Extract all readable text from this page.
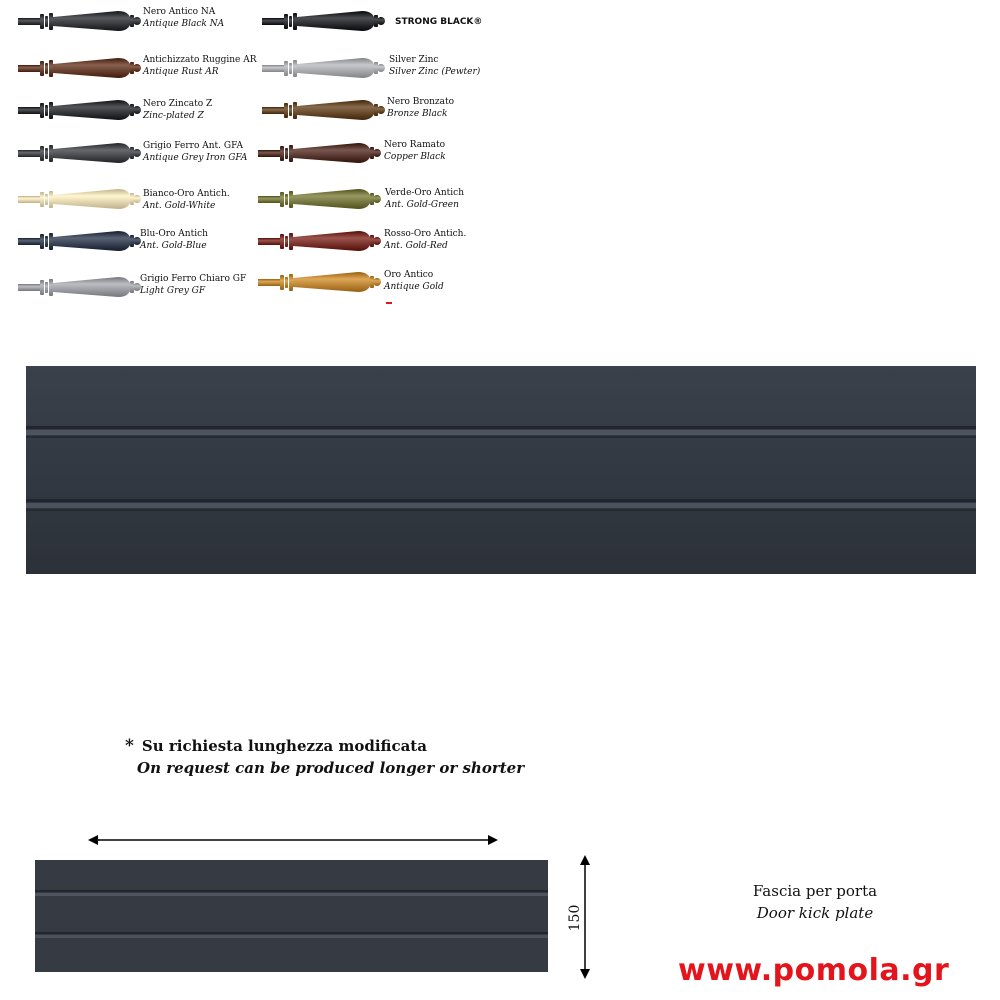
Nero Antico NA
Antique Black NA
Antichizzato Ruggine AR
Antique Rust AR
Nero Zincato Z
Zinc-plated Z
Grigio Ferro Ant. GFA
Antique Grey Iron GFA
Bianco-Oro Antich.
Ant. Gold-White
Blu-Oro Antich
Ant. Gold-Blue
Grigio Ferro Chiaro GF
Light Grey GF
STRONG BLACK®
Silver Zinc
Silver Zinc (Pewter)
Nero Bronzato
Bronze Black
Nero Ramato
Copper Black
Verde-Oro Antich
Ant. Gold-Green
Rosso-Oro Antich.
Ant. Gold-Red
Oro Antico
Antique Gold
* Su richiesta lunghezza modificata
On request can be produced longer or shorter
150
Fascia per porta
Door kick plate
www.pomola.gr
